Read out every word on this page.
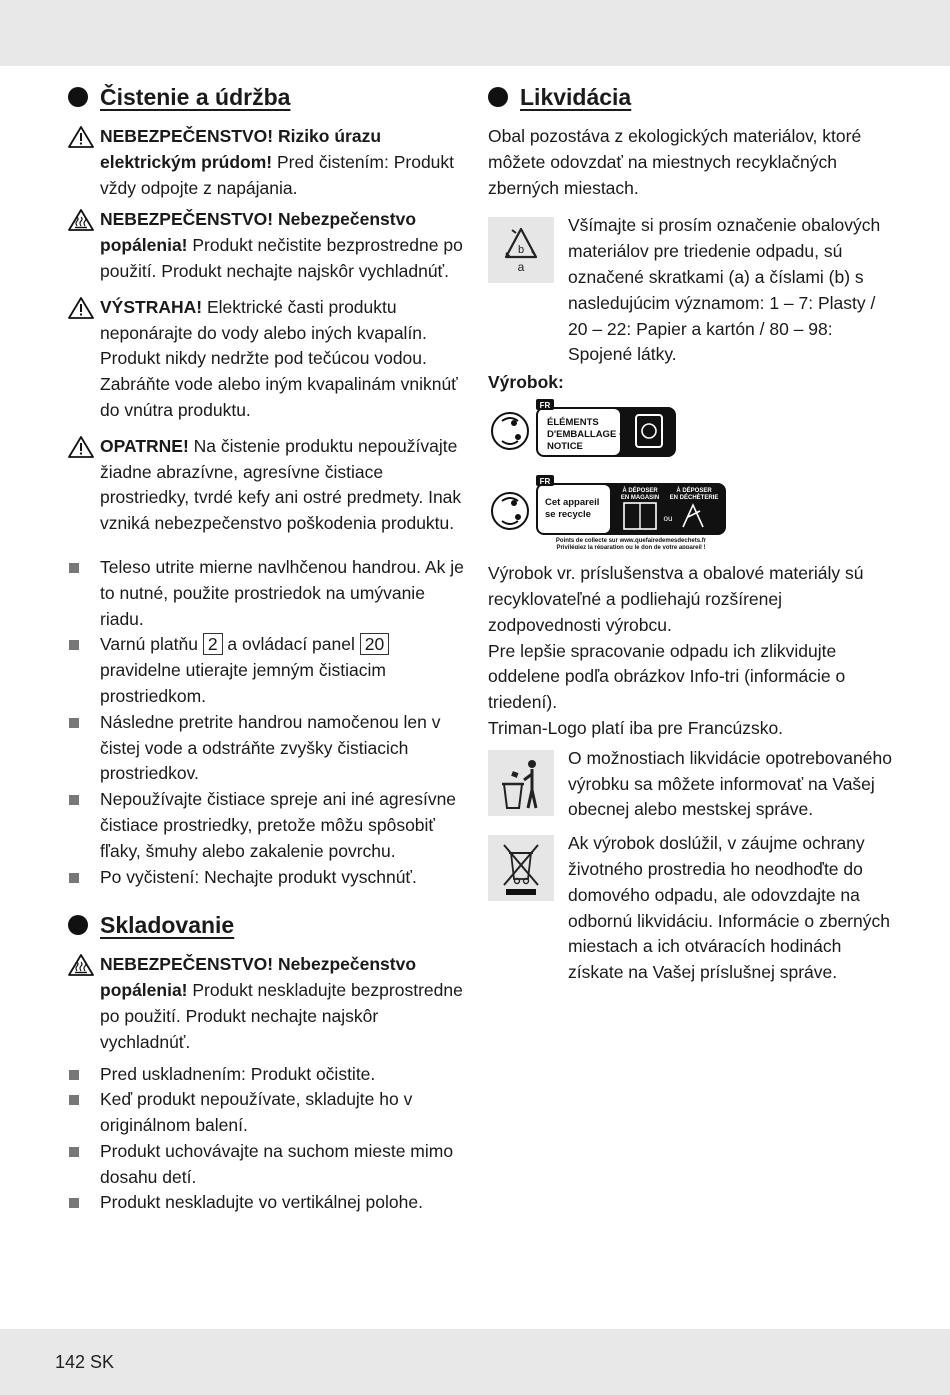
Čistenie a údržba
NEBEZPEČENSTVO! Riziko úrazu elektrickým prúdom! Pred čistením: Produkt vždy odpojte z napájania.
NEBEZPEČENSTVO! Nebezpečenstvo popálenia! Produkt nečistite bezprostredne po použití. Produkt nechajte najskôr vychladnúť.
VÝSTRAHA! Elektrické časti produktu neponárajte do vody alebo iných kvapalín. Produkt nikdy nedržte pod tečúcou vodou. Zabráňte vode alebo iným kvapalinám vniknúť do vnútra produktu.
OPATRNE! Na čistenie produktu nepoužívajte žiadne abrazívne, agresívne čistiace prostriedky, tvrdé kefy ani ostré predmety. Inak vzniká nebezpečenstvo poškodenia produktu.
Teleso utrite mierne navlhčenou handrou. Ak je to nutné, použite prostriedok na umývanie riadu.
Varnú platňu 2 a ovládací panel 20 pravidelne utierajte jemným čistiacim prostriedkom.
Následne pretrite handrou namočenou len v čistej vode a odstráňte zvyšky čistiacich prostriedkov.
Nepoužívajte čistiace spreje ani iné agresívne čistiace prostriedky, pretože môžu spôsobiť fľaky, šmuhy alebo zakalenie povrchu.
Po vyčistení: Nechajte produkt vyschnúť.
Skladovanie
NEBEZPEČENSTVO! Nebezpečenstvo popálenia! Produkt neskladujte bezprostredne po použití. Produkt nechajte najskôr vychladnúť.
Pred uskladnením: Produkt očistite.
Keď produkt nepoužívate, skladujte ho v originálnom balení.
Produkt uchovávajte na suchom mieste mimo dosahu detí.
Produkt neskladujte vo vertikálnej polohe.
Likvidácia
Obal pozostáva z ekologických materiálov, ktoré môžete odovzdať na miestnych recyklačných zberných miestach.
b
a
Všímajte si prosím označenie obalových materiálov pre triedenie odpadu, sú označené skratkami (a) a číslami (b) s nasledujúcim významom: 1 – 7: Plasty / 20 – 22: Papier a kartón / 80 – 98: Spojené látky.
Výrobok:
FR
ÉLÉMENTS
D'EMBALLAGE +
NOTICE
FR
Cet appareil
se recycle
À DÉPOSER
EN MAGASIN
À DÉPOSER
EN DÉCHÈTERIE
ou
Points de collecte sur www.quefairedemesdechets.fr
Privilégiez la réparation ou le don de votre appareil !
Výrobok vr. príslušenstva a obalové materiály sú recyklovateľné a podliehajú rozšírenej zodpovednosti výrobcu.
Pre lepšie spracovanie odpadu ich zlikvidujte oddelene podľa obrázkov Info-tri (informácie o triedení).
Triman-Logo platí iba pre Francúzsko.
O možnostiach likvidácie opotrebovaného výrobku sa môžete informovať na Vašej obecnej alebo mestskej správe.
Ak výrobok doslúžil, v záujme ochrany životného prostredia ho neodhoďte do domového odpadu, ale odovzdajte na odbornú likvidáciu. Informácie o zberných miestach a ich otváracích hodinách získate na Vašej príslušnej správe.
142 SK
